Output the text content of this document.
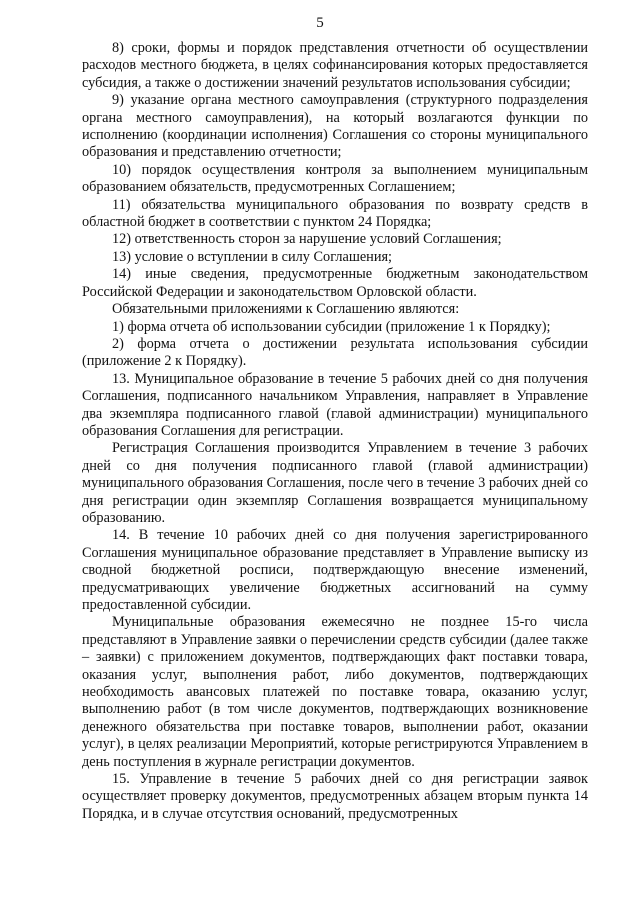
5

8) сроки, формы и порядок представления отчетности об осуществлении расходов местного бюджета, в целях софинансирования которых предоставляется субсидия, а также о достижении значений результатов использования субсидии;

9) указание органа местного самоуправления (структурного подразделения органа местного самоуправления), на который возлагаются функции по исполнению (координации исполнения) Соглашения со стороны муниципального образования и представлению отчетности;

10) порядок осуществления контроля за выполнением муниципальным образованием обязательств, предусмотренных Соглашением;

11) обязательства муниципального образования по возврату средств в областной бюджет в соответствии с пунктом 24 Порядка;

12) ответственность сторон за нарушение условий Соглашения;

13) условие о вступлении в силу Соглашения;

14) иные сведения, предусмотренные бюджетным законодательством Российской Федерации и законодательством Орловской области.

Обязательными приложениями к Соглашению являются:

1) форма отчета об использовании субсидии (приложение 1 к Порядку);

2) форма отчета о достижении результата использования субсидии (приложение 2 к Порядку).

13. Муниципальное образование в течение 5 рабочих дней со дня получения Соглашения, подписанного начальником Управления, направляет в Управление два экземпляра подписанного главой (главой администрации) муниципального образования Соглашения для регистрации.

Регистрация Соглашения производится Управлением в течение 3 рабочих дней со дня получения подписанного главой (главой администрации) муниципального образования Соглашения, после чего в течение 3 рабочих дней со дня регистрации один экземпляр Соглашения возвращается муниципальному образованию.

14. В течение 10 рабочих дней со дня получения зарегистрированного Соглашения муниципальное образование представляет в Управление выписку из сводной бюджетной росписи, подтверждающую внесение изменений, предусматривающих увеличение бюджетных ассигнований на сумму предоставленной субсидии.

Муниципальные образования ежемесячно не позднее 15-го числа представляют в Управление заявки о перечислении средств субсидии (далее также – заявки) с приложением документов, подтверждающих факт поставки товара, оказания услуг, выполнения работ, либо документов, подтверждающих необходимость авансовых платежей по поставке товара, оказанию услуг, выполнению работ (в том числе документов, подтверждающих возникновение денежного обязательства при поставке товаров, выполнении работ, оказании услуг), в целях реализации Мероприятий, которые регистрируются Управлением в день поступления в журнале регистрации документов.

15. Управление в течение 5 рабочих дней со дня регистрации заявок осуществляет проверку документов, предусмотренных абзацем вторым пункта 14 Порядка, и в случае отсутствия оснований, предусмотренных
